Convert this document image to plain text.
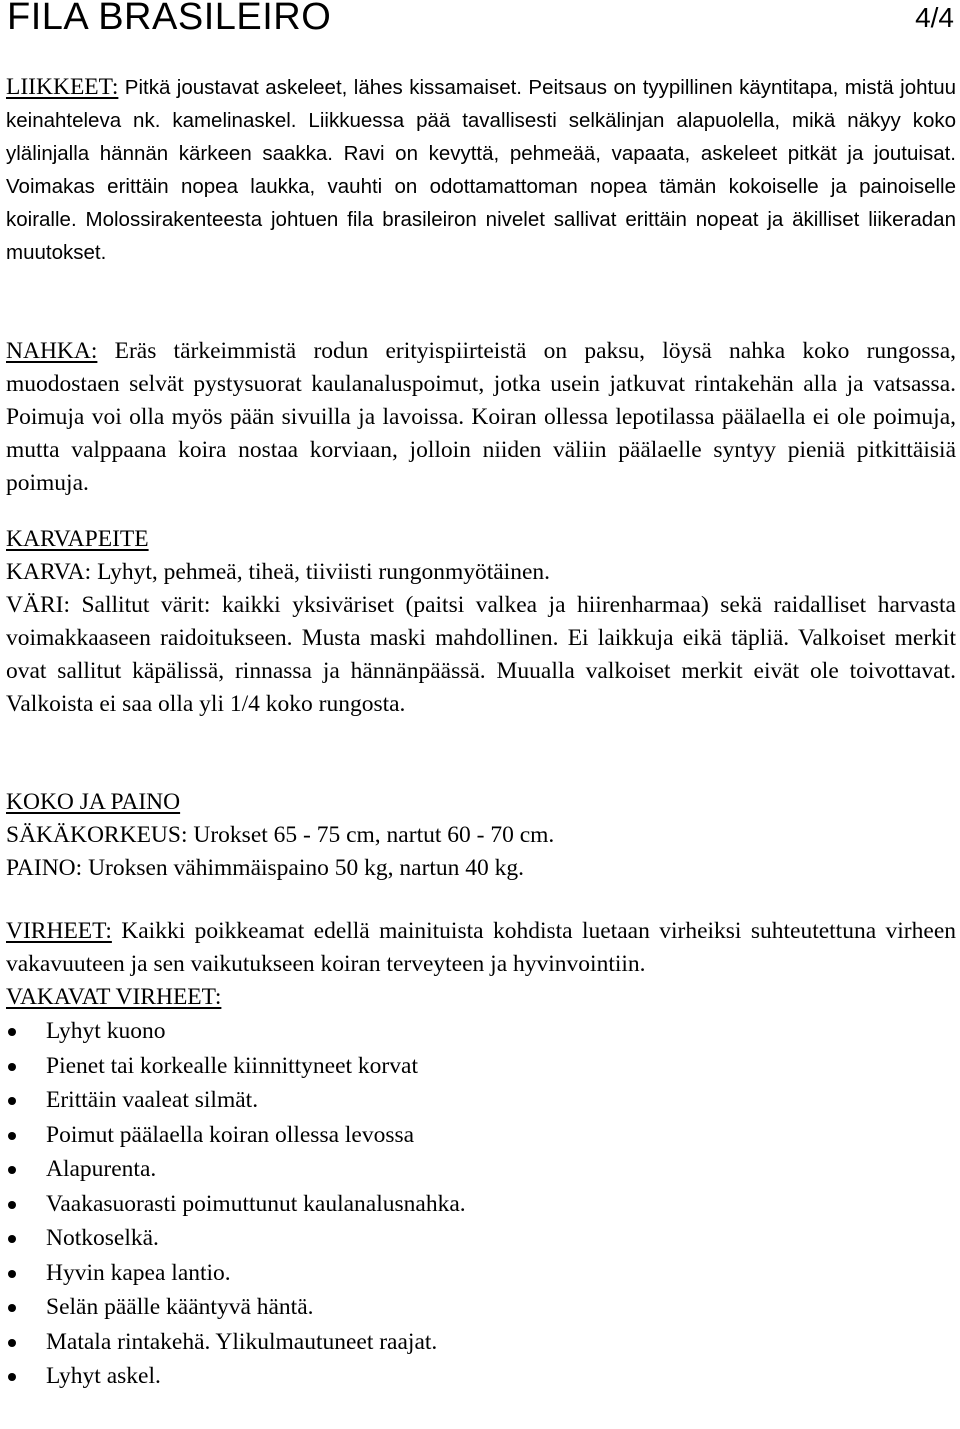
FILA BRASILEIRO	4/4

LIIKKEET: Pitkä joustavat askeleet, lähes kissamaiset. Peitsaus on tyypillinen käyntitapa, mistä johtuu keinahteleva nk. kamelinaskel. Liikkuessa pää tavallisesti selkälinjan alapuolella, mikä näkyy koko ylälinjalla hännän kärkeen saakka. Ravi on kevyttä, pehmeää, vapaata, askeleet pitkät ja joutuisat. Voimakas erittäin nopea laukka, vauhti on odottamattoman nopea tämän kokoiselle ja painoiselle koiralle. Molossirakenteesta johtuen fila brasileiron nivelet sallivat erittäin nopeat ja äkilliset liikeradan muutokset.

NAHKA: Eräs tärkeimmistä rodun erityispiirteistä on paksu, löysä nahka koko rungossa, muodostaen selvät pystysuorat kaulanaluspoimut, jotka usein jatkuvat rintakehän alla ja vatsassa. Poimuja voi olla myös pään sivuilla ja lavoissa. Koiran ollessa lepotilassa päälaella ei ole poimuja, mutta valppaana koira nostaa korviaan, jolloin niiden väliin päälaelle syntyy pieniä pitkittäisiä poimuja.

KARVAPEITE

KARVA: Lyhyt, pehmeä, tiheä, tiiviisti rungonmyötäinen.

VÄRI: Sallitut värit: kaikki yksiväriset (paitsi valkea ja hiirenharmaa) sekä raidalliset harvasta voimakkaaseen raidoitukseen. Musta maski mahdollinen. Ei laikkuja eikä täpliä. Valkoiset merkit ovat sallitut käpälissä, rinnassa ja hännänpäässä. Muualla valkoiset merkit eivät ole toivottavat. Valkoista ei saa olla yli 1/4 koko rungosta.

KOKO JA PAINO

SÄKÄKORKEUS: Urokset 65 - 75 cm, nartut 60 - 70 cm.

PAINO: Uroksen vähimmäispaino 50 kg, nartun 40 kg.

VIRHEET: Kaikki poikkeamat edellä mainituista kohdista luetaan virheiksi suhteutettuna virheen vakavuuteen ja sen vaikutukseen koiran terveyteen ja hyvinvointiin.

VAKAVAT VIRHEET:
Lyhyt kuono
Pienet tai korkealle kiinnittyneet korvat
Erittäin vaaleat silmät.
Poimut päälaella koiran ollessa levossa
Alapurenta.
Vaakasuorasti poimuttunut kaulanalusnahka.
Notkoselkä.
Hyvin kapea lantio.
Selän päälle kääntyvä häntä.
Matala rintakehä. Ylikulmautuneet raajat.
Lyhyt askel.
